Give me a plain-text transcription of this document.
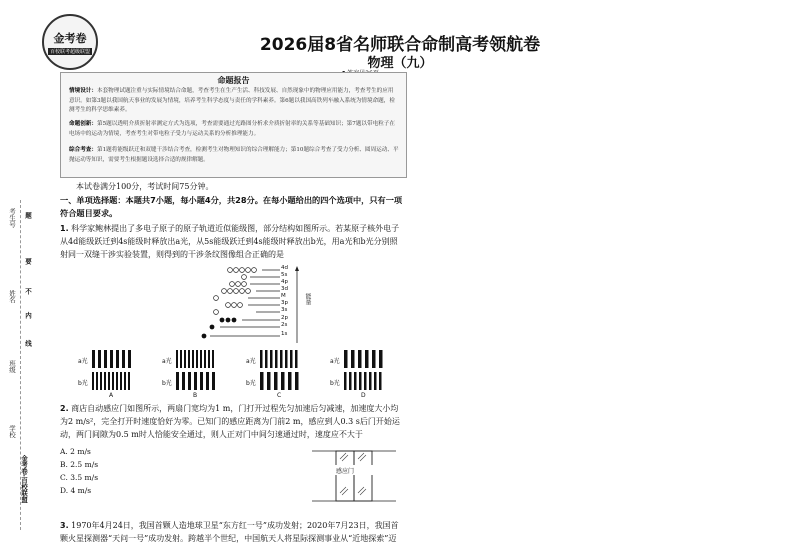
金考卷
百校联考超级联盟	2026届8省名师联合命制高考领航卷
物理（九）
命题报告
情境设计：本套物理试题注重与实际情境结合命题，考查考生在生产生活、科技发展、自然现象中的物理应用能力，考查考生的应用意识。如第3题以我国航天事业的发展为情境，培养考生科学态度与责任的学科素养。第6题以我国高铁列车融入系统为情境命题，检测考生的科学思维素养。
命题创新：第5题以透明介质折射率测定方式为选项，考查需要通过光路图分析求介质折射率的关系等基础知识；第7题以带电粒子在电场中的运动为情境，考查考生对带电粒子受力与运动关系的分析推理能力。
综合考查：第1题将能级跃迁和双缝干涉结合考查，检测考生对物理知识的综合理解能力；第10题综合考查了受力分析、圆周运动、平抛运动等知识，需要考生根据题设选择合适的规律解题。
本试卷满分100分，考试时间75分钟。
一、单项选择题：本题共7小题，每小题4分，共28分。在每小题给出的四个选项中，只有一项符合题目要求。
考生号
姓名
班级
学校
题
要
不
内
线
金考卷·百校联盟
1. 科学家鲍林提出了多电子原子的原子轨道近似能级图，部分结构如图所示。若某原子核外电子从4d能级跃迁到4s能级时释放出a光，从5s能级跃迁到4s能级时释放出b光，用a光和b光分别照射同一双缝干涉实验装置，则得到的干涉条纹图像组合正确的是
4d
5s
4p
3d
M
3p
3s
2p
2s
1s
能量
a光
b光
A
a光
b光
B
a光
b光
C
a光
b光
D
2. 商店自动感应门如图所示，两扇门宽均为1 m，门打开过程先匀加速后匀减速，加速度大小均为2 m/s²，完全打开时速度恰好为零。已知门的感应距离为门前2 m，感应到人0.3 s后门开始运动，两门间隙为0.5 m时人恰能安全通过，则人正对门中间匀速通过时，速度应不大于
A. 2 m/s
B. 2.5 m/s
C. 3.5 m/s
D. 4 m/s
感应门
3. 1970年4月24日，我国首颗人造地球卫星“东方红一号”成功发射；2020年7月23日，我国首颗火星探测器“天问一号”成功发射。跨越半个世纪，中国航天人将星际探测事业从“近地探索”迈
